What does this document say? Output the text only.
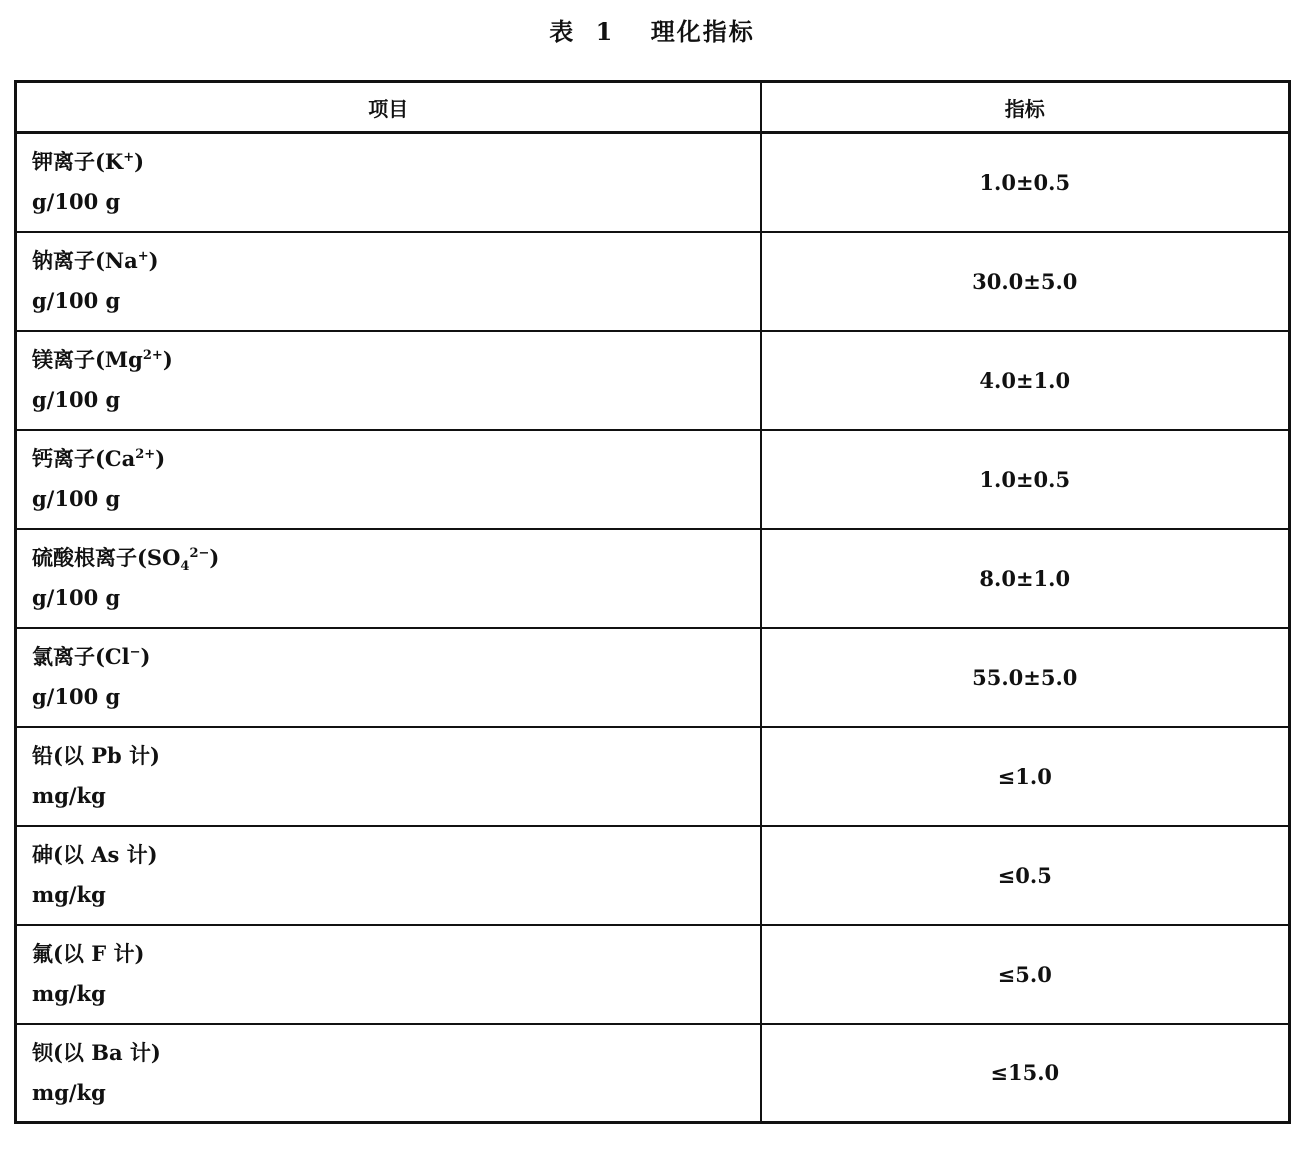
表 1 理化指标
项目	指标

钾离子(K+)
g/100 g	1.0±0.5

钠离子(Na+)
g/100 g	30.0±5.0

镁离子$(Mg^{2+})$
g/100 g	4.0±1.0

钙离子$(Ca^{2+})$
g/100 g	1.0±0.5

硫酸根离子$(SO_4^{2-})$
g/100 g	8.0±1.0

氯离子(Cl−)
g/100 g	55.0±5.0

铅(以 Pb 计)
mg/kg	≤1.0

砷(以 As 计)
mg/kg	≤0.5

氟(以 F 计)
mg/kg	≤5.0

钡(以 Ba 计)
mg/kg	≤15.0
